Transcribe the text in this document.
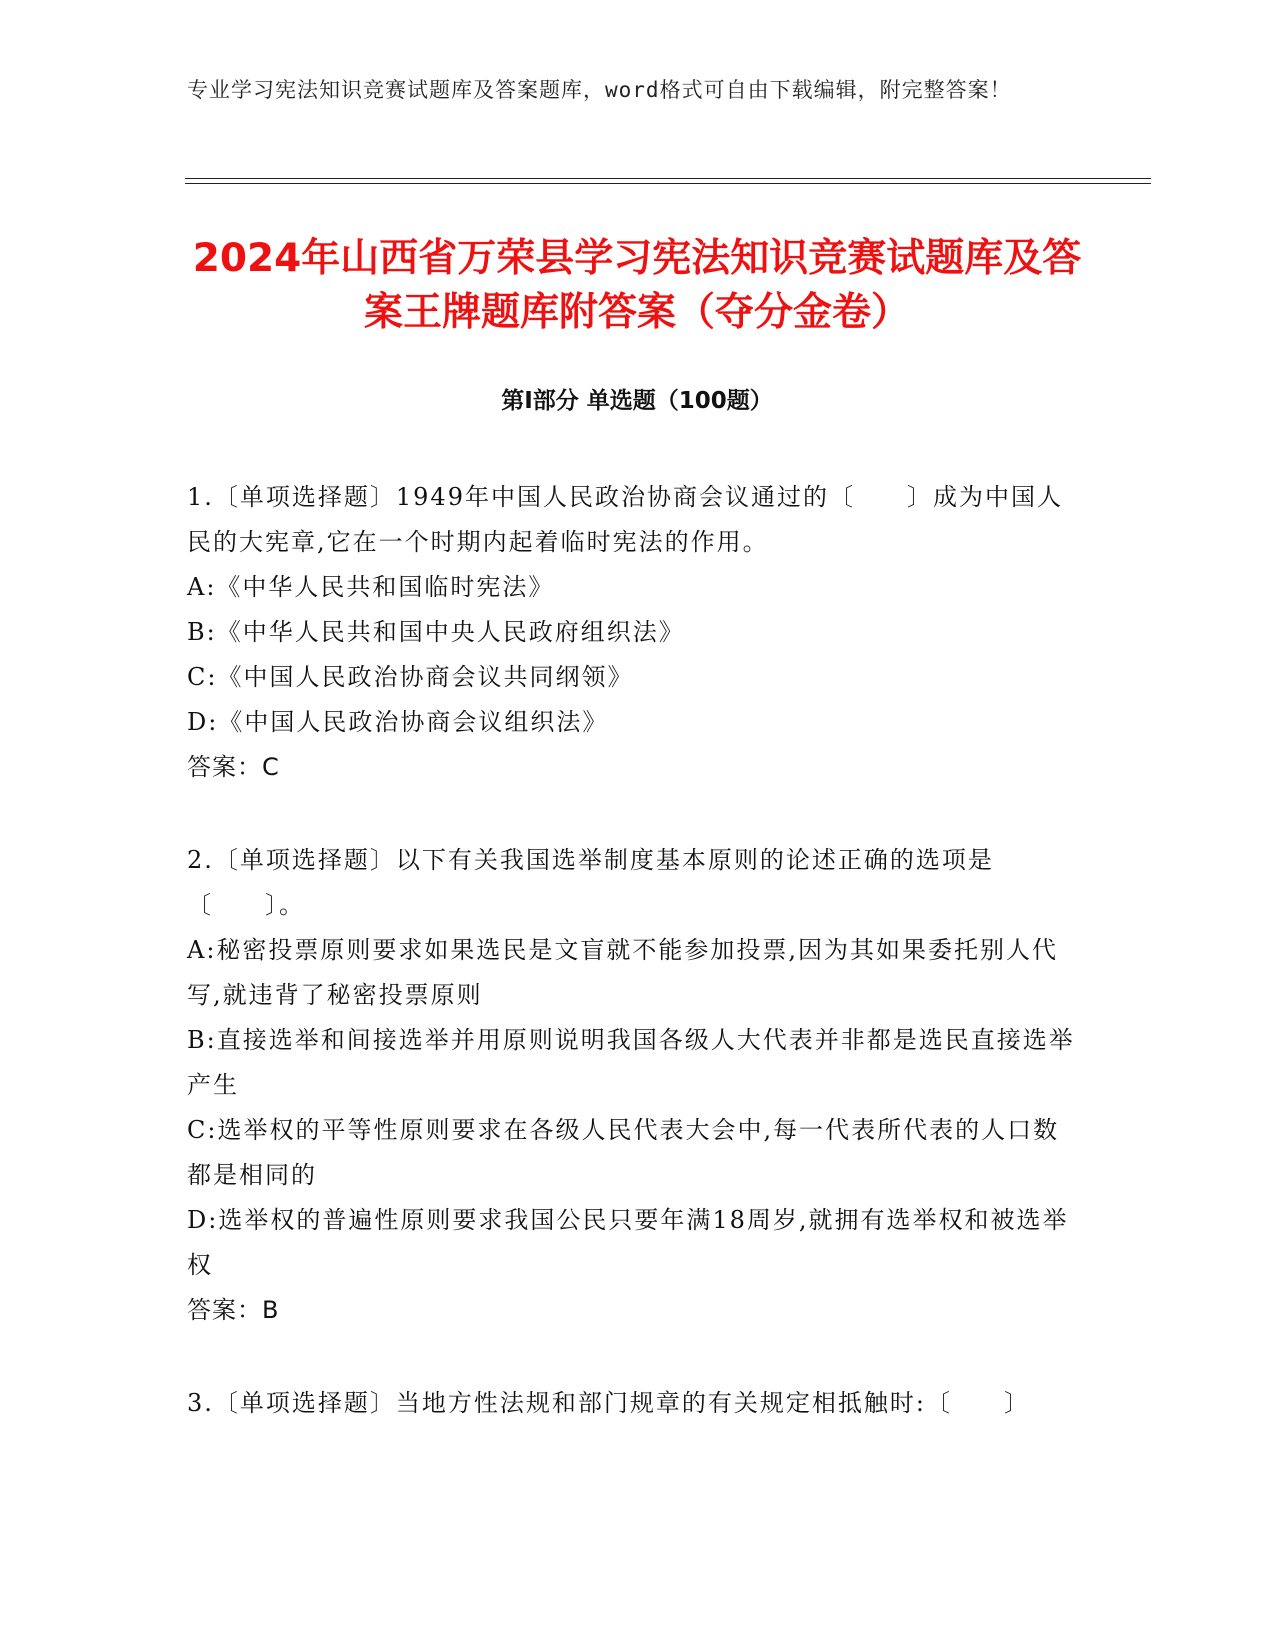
专业学习宪法知识竞赛试题库及答案题库，word格式可自由下载编辑，附完整答案！
2024年山西省万荣县学习宪法知识竞赛试题库及答案王牌题库附答案（夺分金卷）
第Ⅰ部分 单选题（100题）

1.〔单项选择题〕1949年中国人民政治协商会议通过的〔　　〕成为中国人民的大宪章,它在一个时期内起着临时宪法的作用。

A:《中华人民共和国临时宪法》

B:《中华人民共和国中央人民政府组织法》

C:《中国人民政治协商会议共同纲领》

D:《中国人民政治协商会议组织法》

答案：C

2.〔单项选择题〕以下有关我国选举制度基本原则的论述正确的选项是〔　　〕。

A:秘密投票原则要求如果选民是文盲就不能参加投票,因为其如果委托别人代写,就违背了秘密投票原则

B:直接选举和间接选举并用原则说明我国各级人大代表并非都是选民直接选举产生

C:选举权的平等性原则要求在各级人民代表大会中,每一代表所代表的人口数都是相同的

D:选举权的普遍性原则要求我国公民只要年满18周岁,就拥有选举权和被选举权

答案：B

3.〔单项选择题〕当地方性法规和部门规章的有关规定相抵触时:〔　　〕
